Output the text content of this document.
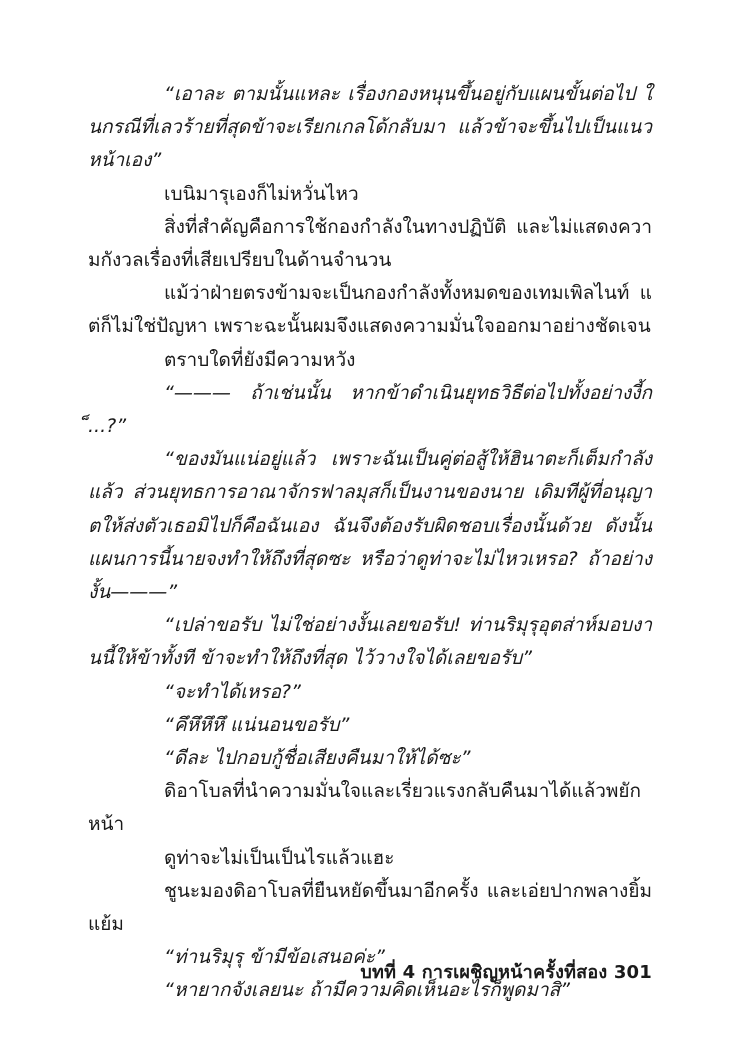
“เอาละ ตามนั้นแหละ เรื่องกองหนุนขึ้นอยู่กับแผนขั้นต่อไป ในกรณีที่เลวร้ายที่สุดข้าจะเรียกเกลโด้กลับมา แล้วข้าจะขึ้นไปเป็นแนวหน้าเอง”

เบนิมารุเองก็ไม่หวั่นไหว

สิ่งที่สำคัญคือการใช้กองกำลังในทางปฏิบัติ และไม่แสดงความกังวลเรื่องที่เสียเปรียบในด้านจำนวน

แม้ว่าฝ่ายตรงข้ามจะเป็นกองกำลังทั้งหมดของเทมเพิลไนท์ แต่ก็ไม่ใช่ปัญหา เพราะฉะนั้นผมจึงแสดงความมั่นใจออกมาอย่างชัดเจน

ตราบใดที่ยังมีความหวัง

“——— ถ้าเช่นนั้น หากข้าดำเนินยุทธวิธีต่อไปทั้งอย่างงี้ก็...?”

“ของมันแน่อยู่แล้ว เพราะฉันเป็นคู่ต่อสู้ให้ฮินาตะก็เต็มกำลังแล้ว ส่วนยุทธการอาณาจักรฟาลมุสก็เป็นงานของนาย เดิมทีผู้ที่อนุญาตให้ส่งตัวเธอมิไปก็คือฉันเอง ฉันจึงต้องรับผิดชอบเรื่องนั้นด้วย ดังนั้น แผนการนี้นายจงทำให้ถึงที่สุดซะ หรือว่าดูท่าจะไม่ไหวเหรอ? ถ้าอย่างงั้น———”

“เปล่าขอรับ ไม่ใช่อย่างงั้นเลยขอรับ! ท่านริมุรุอุตส่าห์มอบงานนี้ให้ข้าทั้งที ข้าจะทำให้ถึงที่สุด ไว้วางใจได้เลยขอรับ”

“จะทำได้เหรอ?”

“คึหึหึหึ แน่นอนขอรับ”

“ดีละ ไปกอบกู้ชื่อเสียงคืนมาให้ได้ซะ”

ดิอาโบลที่นำความมั่นใจและเรี่ยวแรงกลับคืนมาได้แล้วพยักหน้า

ดูท่าจะไม่เป็นเป็นไรแล้วแฮะ

ชูนะมองดิอาโบลที่ยืนหยัดขึ้นมาอีกครั้ง และเอ่ยปากพลางยิ้มแย้ม

“ท่านริมุรุ ข้ามีข้อเสนอค่ะ”

“หายากจังเลยนะ ถ้ามีความคิดเห็นอะไรก็พูดมาสิ”

บทที่ 4 การเผชิญหน้าครั้งที่สอง 301
